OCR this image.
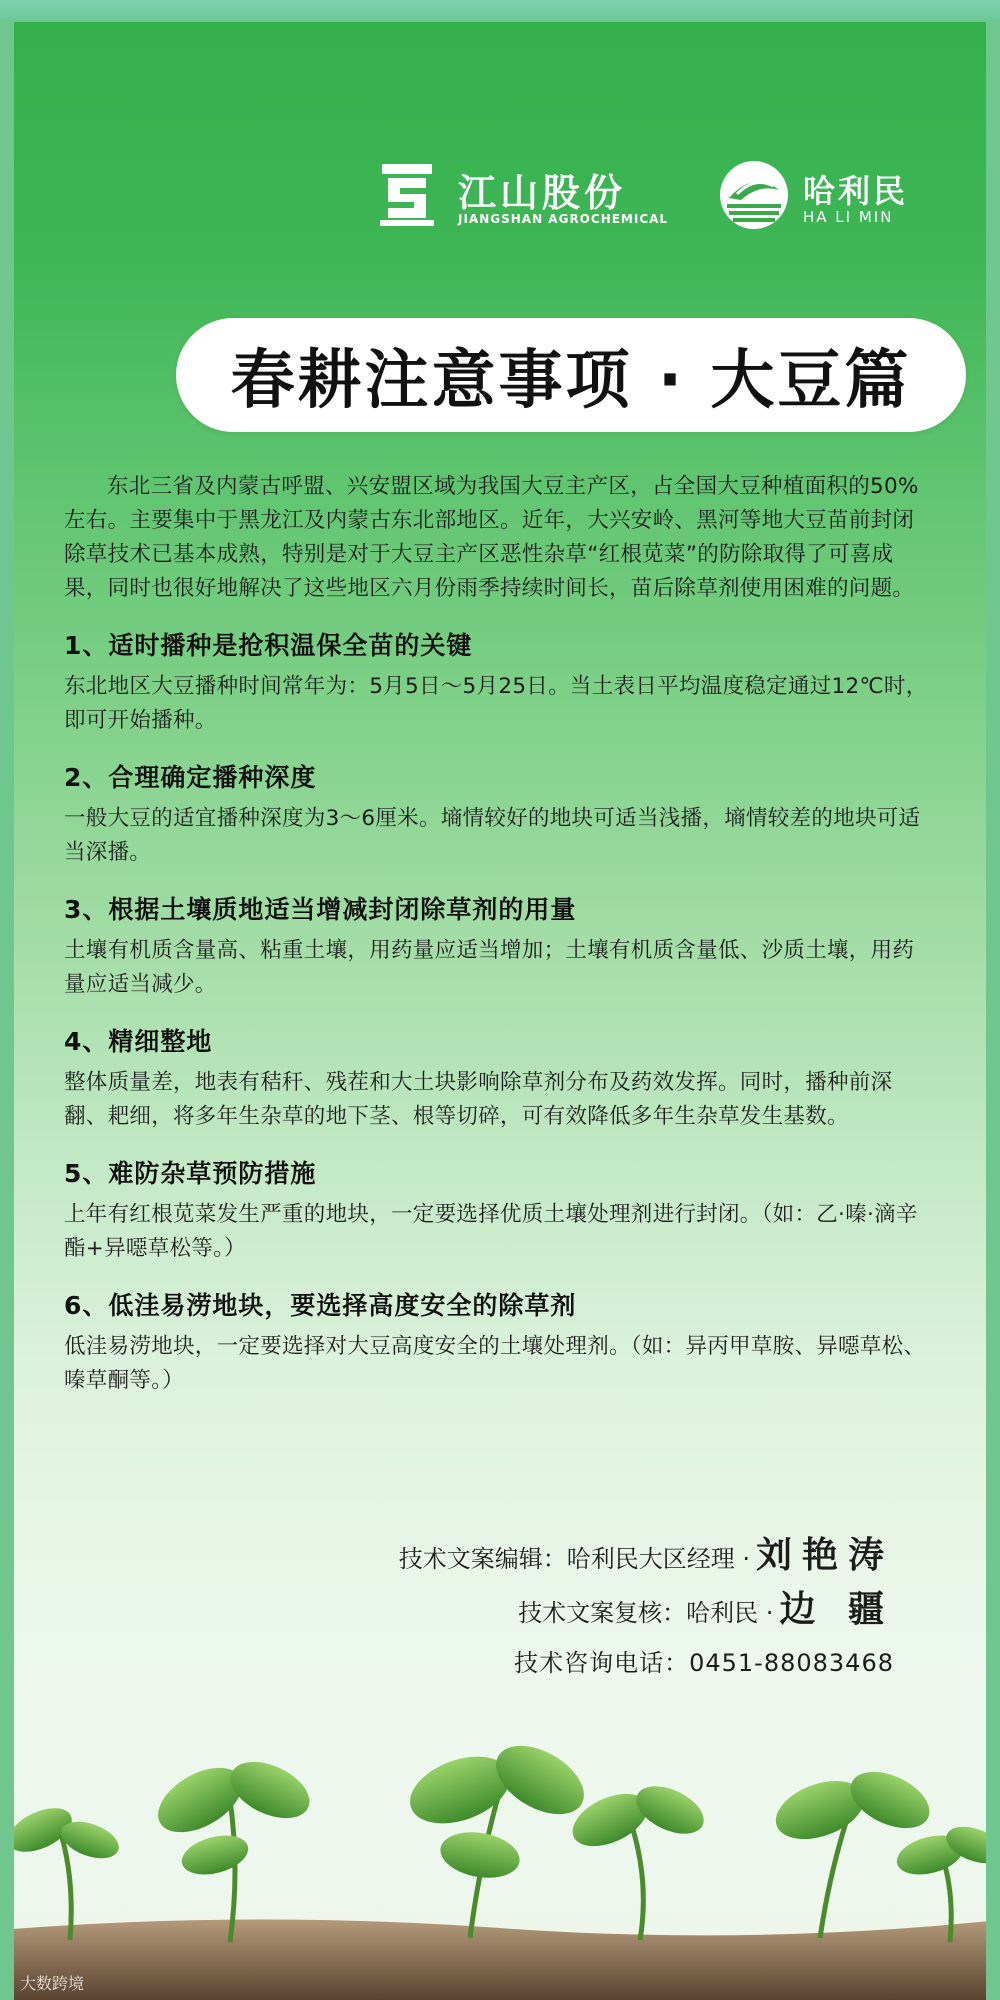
江山股份
JIANGSHAN AGROCHEMICAL
哈利民
HA LI MIN
春耕注意事项 · 大豆篇

东北三省及内蒙古呼盟、兴安盟区域为我国大豆主产区，占全国大豆种植面积的50%左右。主要集中于黑龙江及内蒙古东北部地区。近年，大兴安岭、黑河等地大豆苗前封闭除草技术已基本成熟，特别是对于大豆主产区恶性杂草“红根苋菜”的防除取得了可喜成果，同时也很好地解决了这些地区六月份雨季持续时间长，苗后除草剂使用困难的问题。

1、适时播种是抢积温保全苗的关键

东北地区大豆播种时间常年为：5月5日～5月25日。当土表日平均温度稳定通过12℃时，即可开始播种。

2、合理确定播种深度

一般大豆的适宜播种深度为3～6厘米。墒情较好的地块可适当浅播，墒情较差的地块可适当深播。

3、根据土壤质地适当增减封闭除草剂的用量

土壤有机质含量高、粘重土壤，用药量应适当增加；土壤有机质含量低、沙质土壤，用药量应适当减少。

4、精细整地

整体质量差，地表有秸秆、残茬和大土块影响除草剂分布及药效发挥。同时，播种前深翻、耙细，将多年生杂草的地下茎、根等切碎，可有效降低多年生杂草发生基数。

5、难防杂草预防措施

上年有红根苋菜发生严重的地块，一定要选择优质土壤处理剂进行封闭。（如：乙·嗪·滴辛酯+异噁草松等。）

6、低洼易涝地块，要选择高度安全的除草剂

低洼易涝地块，一定要选择对大豆高度安全的土壤处理剂。（如：异丙甲草胺、异噁草松、嗪草酮等。）

技术文案编辑：哈利民大区经理 · 刘艳涛
技术文案复核：哈利民 · 边 疆
技术咨询电话：0451-88083468
大数跨境
